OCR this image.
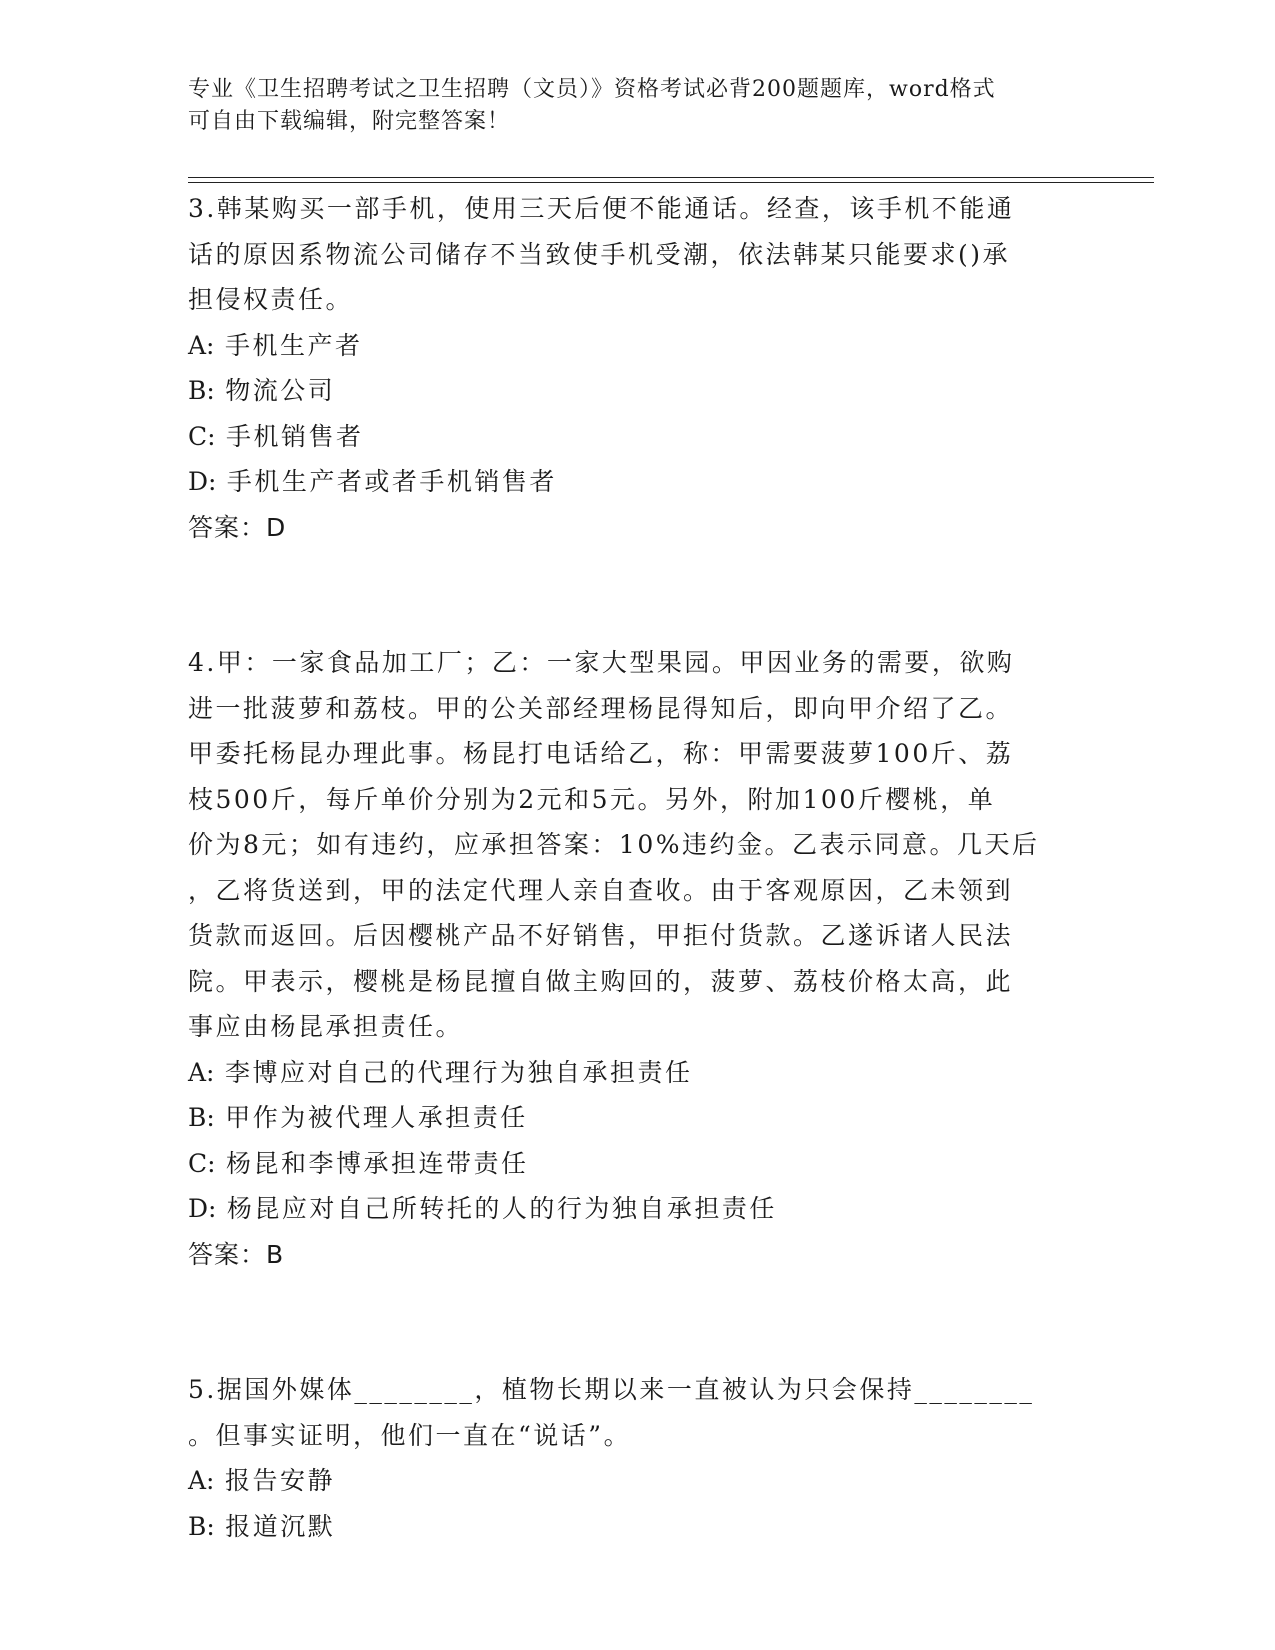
专业《卫生招聘考试之卫生招聘（文员）》资格考试必背200题题库，word格式
可自由下载编辑，附完整答案！

3.韩某购买一部手机，使用三天后便不能通话。经查，该手机不能通
话的原因系物流公司储存不当致使手机受潮，依法韩某只能要求()承
担侵权责任。

A: 手机生产者

B: 物流公司

C: 手机销售者

D: 手机生产者或者手机销售者

答案：D

4.甲：一家食品加工厂；乙：一家大型果园。甲因业务的需要，欲购
进一批菠萝和荔枝。甲的公关部经理杨昆得知后，即向甲介绍了乙。
甲委托杨昆办理此事。杨昆打电话给乙，称：甲需要菠萝100斤、荔
枝500斤，每斤单价分别为2元和5元。另外，附加100斤樱桃，单
价为8元；如有违约，应承担答案：10%违约金。乙表示同意。几天后
，乙将货送到，甲的法定代理人亲自查收。由于客观原因，乙未领到
货款而返回。后因樱桃产品不好销售，甲拒付货款。乙遂诉诸人民法
院。甲表示，樱桃是杨昆擅自做主购回的，菠萝、荔枝价格太高，此
事应由杨昆承担责任。

A: 李博应对自己的代理行为独自承担责任

B: 甲作为被代理人承担责任

C: 杨昆和李博承担连带责任

D: 杨昆应对自己所转托的人的行为独自承担责任

答案：B

5.据国外媒体________，植物长期以来一直被认为只会保持________
。但事实证明，他们一直在“说话”。

A: 报告安静

B: 报道沉默
